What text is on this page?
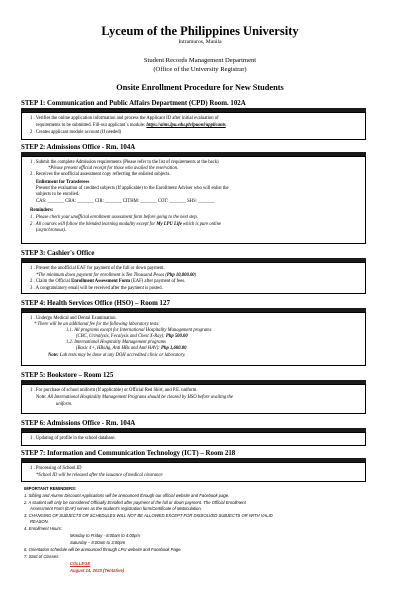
Lyceum of the Philippines University
Intramuros, Manila
Student Records Management Department
(Office of the University Registrar)
Onsite Enrollment Procedure for New Students
STEP 1: Communication and Public Affairs Department (CPD) Room. 102A
1 . Verifies the online application information and process the Applicant ID after initial evaluation of
requirements to be submitted. Fill-out applicant`s module: https://aims.lpu.edu.ph/lpuonl/applicants
2 . Creates applicant module account (If needed)
STEP 2: Admissions Office - Rm. 104A
1 . Submit the complete Admission requirements (Please refer to the list of requirements at the back)
*Please present official receipt for those who availed the reservation.
2 . Receives the unofficial assessment copy reflecting the enlisted subjects.
Enlistment for Transferees
Present the evaluation of credited subjects (If applicable) to the Enrollment Adviser who will enlist the
subjects to be enrolled.
CAS: _______ CBA: _______ CIR: _______ CITHM: _______ COT: _______ SHS: _______
Reminders:
1 . Please check your unofficial enrollment assessment form before going to the next step.
2 . All courses will follow the blended learning modality except for My LPU Life which is pure online
(asynchronous).
STEP 3: Cashier's Office
1 . Present the unofficial EAF for payment of the full or down payment.
*The minimum down payment for enrollment is Ten Thousand Pesos (Php 10,000.00)
2 . Claim the Official Enrollment Assessment Form (EAF) after payment of fees.
3 . A congratulatory email will be received after the payment is posted.
STEP 4: Health Services Office (HSO) – Room 127
1 . Undergo Medical and Dental Examination.
* There will be an additional fee for the following laboratory tests:
1.1. All programs except for International Hospitality Management programs
(CBC, Urinalysis, Fecalysis and Chest X-Ray): Php 500.00
1.2. International Hospitality Management programs
(Basic 4+, HBsAg, Anti HBs and Anti HAV): Php 1,600.00
Note: Lab tests may be done at any DOH accredited clinic or laboratory.
STEP 5: Bookstore – Room 125
1 . For purchase of school uniform (If applicable) or Official Red Shirt, and P.E. uniform.
Note: All International Hospitality Management Programs should be cleared by HSO before availing the
uniform.
STEP 6: Admissions Office - Rm. 104A
1 . Updating of profile in the school database.
STEP 7: Information and Communication Technology (ICT) – Room 218
1 . Processing of School ID
*School ID will be released after the issuance of medical clearance
IMPORTANT REMINDERS:
1. Sibling and Alumni Discount Applications will be announced through our official website and Facebook page.
2. A student will only be considered Officially Enrolled after payment of the full or down payment. The Official Enrollment
Assessment Form (EAF) serves as the student's registration form/Certificate of Matriculation.
3. CHANGING OF SUBJECTS OR SCHEDULES WILL NOT BE ALLOWED EXCEPT FOR DISSOLVED SUBJECTS OR WITH VALID
REASON.
4. Enrollment Hours:
Monday to Friday - 8:00am to 4:00pm
Saturday – 8:00am to 3:00pm
6. Orientation schedule will be announced through LPU website and Facebook Page.
7. Start of Classes:
COLLEGE
August 14, 2023 (Tentative)
